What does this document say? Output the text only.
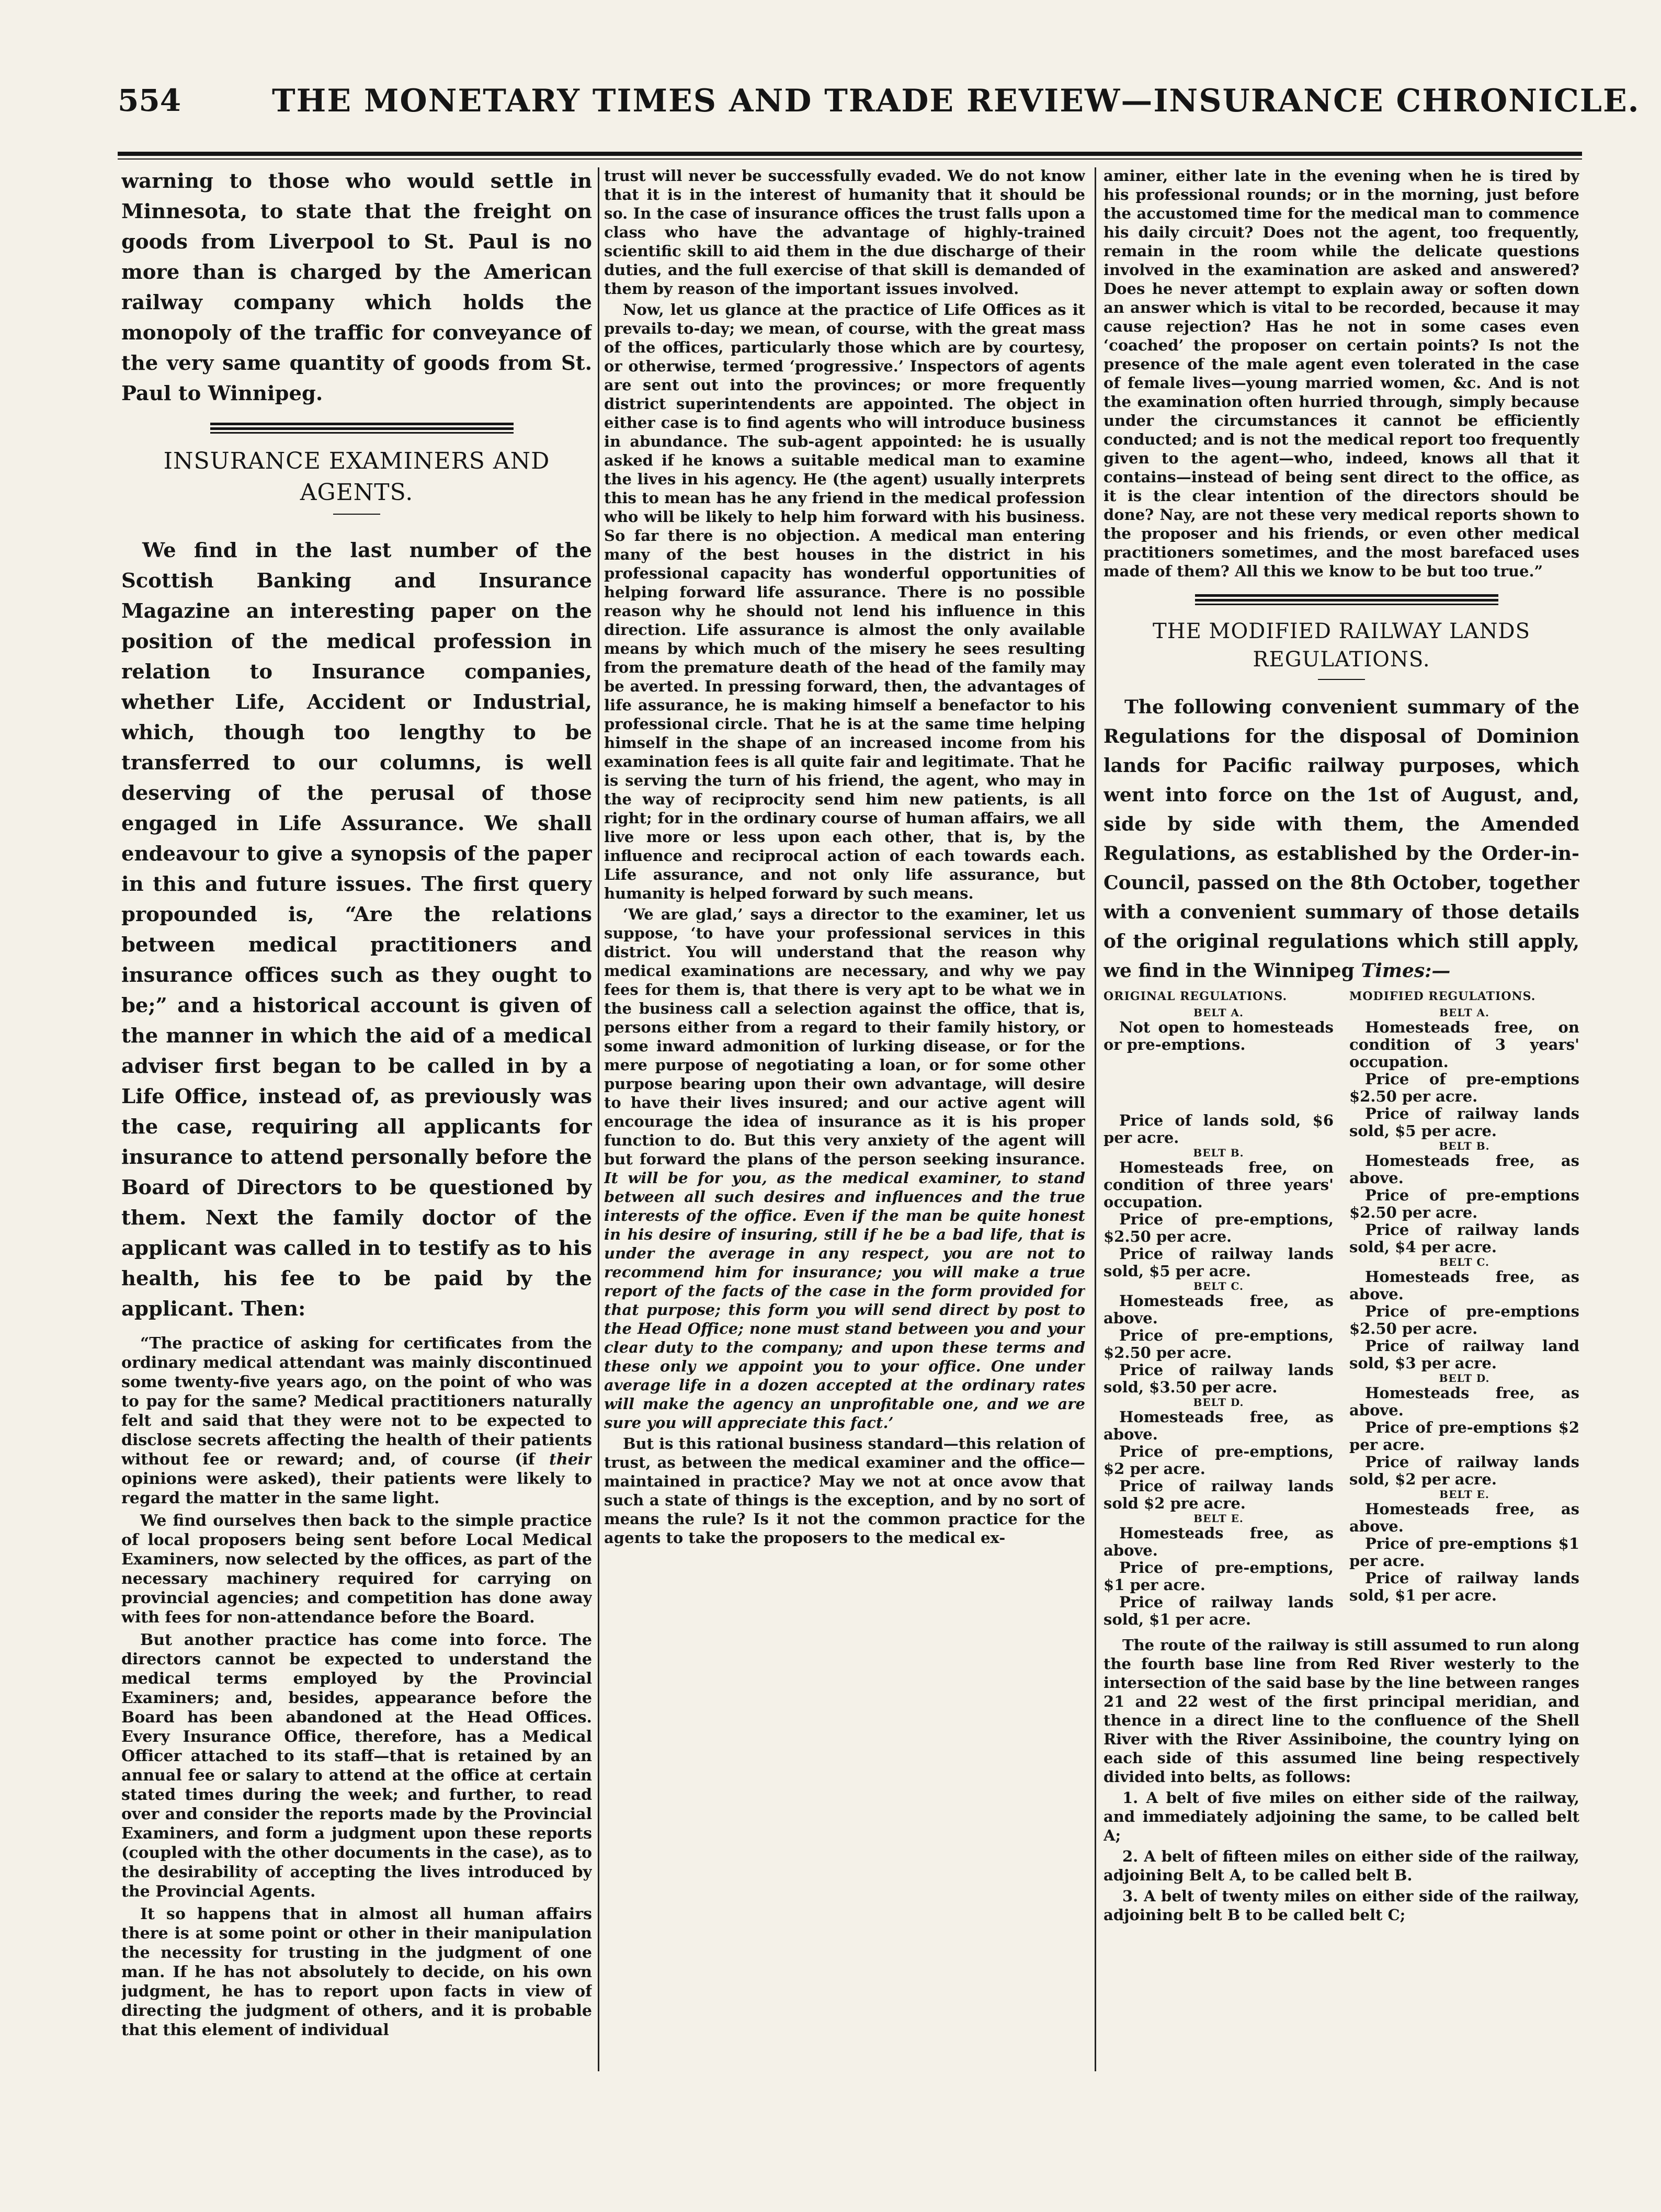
554	THE MONETARY TIMES AND TRADE REVIEW—INSURANCE CHRONICLE.

warning to those who would settle in Minnesota, to state that the freight on goods from Liverpool to St. Paul is no more than is charged by the American railway company which holds the monopoly of the traffic for conveyance of the very same quantity of goods from St. Paul to Winnipeg.

INSURANCE EXAMINERS AND AGENTS.

We find in the last number of the Scottish Banking and Insurance Magazine an interesting paper on the position of the medical profession in relation to Insurance companies, whether Life, Accident or Industrial, which, though too lengthy to be transferred to our columns, is well deserving of the perusal of those engaged in Life Assurance. We shall endeavour to give a synopsis of the paper in this and future issues. The first query propounded is, “Are the relations between medical practitioners and insurance offices such as they ought to be;” and a historical account is given of the manner in which the aid of a medical adviser first began to be called in by a Life Office, instead of, as previously was the case, requiring all applicants for insurance to attend personally before the Board of Directors to be questioned by them. Next the family doctor of the applicant was called in to testify as to his health, his fee to be paid by the applicant. Then:

“The practice of asking for certificates from the ordinary medical attendant was mainly discontinued some twenty-five years ago, on the point of who was to pay for the same? Medical practitioners naturally felt and said that they were not to be expected to disclose secrets affecting the health of their patients without fee or reward; and, of course (if their opinions were asked), their patients were likely to regard the matter in the same light.

We find ourselves then back to the simple practice of local proposers being sent before Local Medical Examiners, now selected by the offices, as part of the necessary machinery required for carrying on provincial agencies; and competition has done away with fees for non-attendance before the Board.

But another practice has come into force. The directors cannot be expected to understand the medical terms employed by the Provincial Examiners; and, besides, appearance before the Board has been abandoned at the Head Offices. Every Insurance Office, therefore, has a Medical Officer attached to its staff—that is retained by an annual fee or salary to attend at the office at certain stated times during the week; and further, to read over and consider the reports made by the Provincial Examiners, and form a judgment upon these reports (coupled with the other documents in the case), as to the desirability of accepting the lives introduced by the Provincial Agents.

It so happens that in almost all human affairs there is at some point or other in their manipulation the necessity for trusting in the judgment of one man. If he has not absolutely to decide, on his own judgment, he has to report upon facts in view of directing the judgment of others, and it is probable that this element of individual

trust will never be successfully evaded. We do not know that it is in the interest of humanity that it should be so. In the case of insurance offices the trust falls upon a class who have the advantage of highly-trained scientific skill to aid them in the due discharge of their duties, and the full exercise of that skill is demanded of them by reason of the important issues involved.

Now, let us glance at the practice of Life Offices as it prevails to-day; we mean, of course, with the great mass of the offices, particularly those which are by courtesy, or otherwise, termed ‘progressive.’ Inspectors of agents are sent out into the provinces; or more frequently district superintendents are appointed. The object in either case is to find agents who will introduce business in abundance. The sub-agent appointed: he is usually asked if he knows a suitable medical man to examine the lives in his agency. He (the agent) usually interprets this to mean has he any friend in the medical profession who will be likely to help him forward with his business. So far there is no objection. A medical man entering many of the best houses in the district in his professional capacity has wonderful opportunities of helping forward life assurance. There is no possible reason why he should not lend his influence in this direction. Life assurance is almost the only available means by which much of the misery he sees resulting from the premature death of the head of the family may be averted. In pressing forward, then, the advantages of life assurance, he is making himself a benefactor to his professional circle. That he is at the same time helping himself in the shape of an increased income from his examination fees is all quite fair and legitimate. That he is serving the turn of his friend, the agent, who may in the way of reciprocity send him new patients, is all right; for in the ordinary course of human affairs, we all live more or less upon each other, that is, by the influence and reciprocal action of each towards each. Life assurance, and not only life assurance, but humanity is helped forward by such means.

‘We are glad,’ says a director to the examiner, let us suppose, ‘to have your professional services in this district. You will understand that the reason why medical examinations are necessary, and why we pay fees for them is, that there is very apt to be what we in the business call a selection against the office, that is, persons either from a regard to their family history, or some inward admonition of lurking disease, or for the mere purpose of negotiating a loan, or for some other purpose bearing upon their own advantage, will desire to have their lives insured; and our active agent will encourage the idea of insurance as it is his proper function to do. But this very anxiety of the agent will but forward the plans of the person seeking insurance. It will be for you, as the medical examiner, to stand between all such desires and influences and the true interests of the office. Even if the man be quite honest in his desire of insuring, still if he be a bad life, that is under the average in any respect, you are not to recommend him for insurance; you will make a true report of the facts of the case in the form provided for that purpose; this form you will send direct by post to the Head Office; none must stand between you and your clear duty to the company; and upon these terms and these only we appoint you to your office. One under average life in a dozen accepted at the ordinary rates will make the agency an unprofitable one, and we are sure you will appreciate this fact.’

But is this rational business standard—this relation of trust, as between the medical examiner and the office—maintained in practice? May we not at once avow that such a state of things is the exception, and by no sort of means the rule? Is it not the common practice for the agents to take the proposers to the medical ex-

aminer, either late in the evening when he is tired by his professional rounds; or in the morning, just before the accustomed time for the medical man to commence his daily circuit? Does not the agent, too frequently, remain in the room while the delicate questions involved in the examination are asked and answered? Does he never attempt to explain away or soften down an answer which is vital to be recorded, because it may cause rejection? Has he not in some cases even ‘coached’ the proposer on certain points? Is not the presence of the male agent even tolerated in the case of female lives—young married women, &c. And is not the examination often hurried through, simply because under the circumstances it cannot be efficiently conducted; and is not the medical report too frequently given to the agent—who, indeed, knows all that it contains—instead of being sent direct to the office, as it is the clear intention of the directors should be done? Nay, are not these very medical reports shown to the proposer and his friends, or even other medical practitioners sometimes, and the most barefaced uses made of them? All this we know to be but too true.”

THE MODIFIED RAILWAY LANDS REGULATIONS.

The following convenient summary of the Regulations for the disposal of Dominion lands for Pacific railway purposes, which went into force on the 1st of August, and, side by side with them, the Amended Regulations, as established by the Order-in-Council, passed on the 8th October, together with a convenient summary of those details of the original regulations which still apply, we find in the Winnipeg Times:—

ORIGINAL REGULATIONS.
BELT A.

Not open to homesteads or pre-emptions.

Price of lands sold, $6 per acre.

BELT B.

Homesteads free, on condition of three years' occupation.

Price of pre-emptions, $2.50 per acre.

Price of railway lands sold, $5 per acre.

BELT C.

Homesteads free, as above.

Price of pre-emptions, $2.50 per acre.

Price of railway lands sold, $3.50 per acre.

BELT D.

Homesteads free, as above.

Price of pre-emptions, $2 per acre.

Price of railway lands sold $2 pre acre.

BELT E.

Homesteads free, as above.

Price of pre-emptions, $1 per acre.

Price of railway lands sold, $1 per acre.

MODIFIED REGULATIONS.
BELT A.

Homesteads free, on condition of 3 years' occupation.

Price of pre-emptions $2.50 per acre.

Price of railway lands sold, $5 per acre.

BELT B.

Homesteads free, as above.

Price of pre-emptions $2.50 per acre.

Price of railway lands sold, $4 per acre.

BELT C.

Homesteads free, as above.

Price of pre-emptions $2.50 per acre.

Price of railway land sold, $3 per acre.

BELT D.

Homesteads free, as above.

Price of pre-emptions $2 per acre.

Price of railway lands sold, $2 per acre.

BELT E.

Homesteads free, as above.

Price of pre-emptions $1 per acre.

Price of railway lands sold, $1 per acre.

The route of the railway is still assumed to run along the fourth base line from Red River westerly to the intersection of the said base by the line between ranges 21 and 22 west of the first principal meridian, and thence in a direct line to the confluence of the Shell River with the River Assiniboine, the country lying on each side of this assumed line being respectively divided into belts, as follows:

1. A belt of five miles on either side of the railway, and immediately adjoining the same, to be called belt A;

2. A belt of fifteen miles on either side of the railway, adjoining Belt A, to be called belt B.

3. A belt of twenty miles on either side of the railway, adjoining belt B to be called belt C;
